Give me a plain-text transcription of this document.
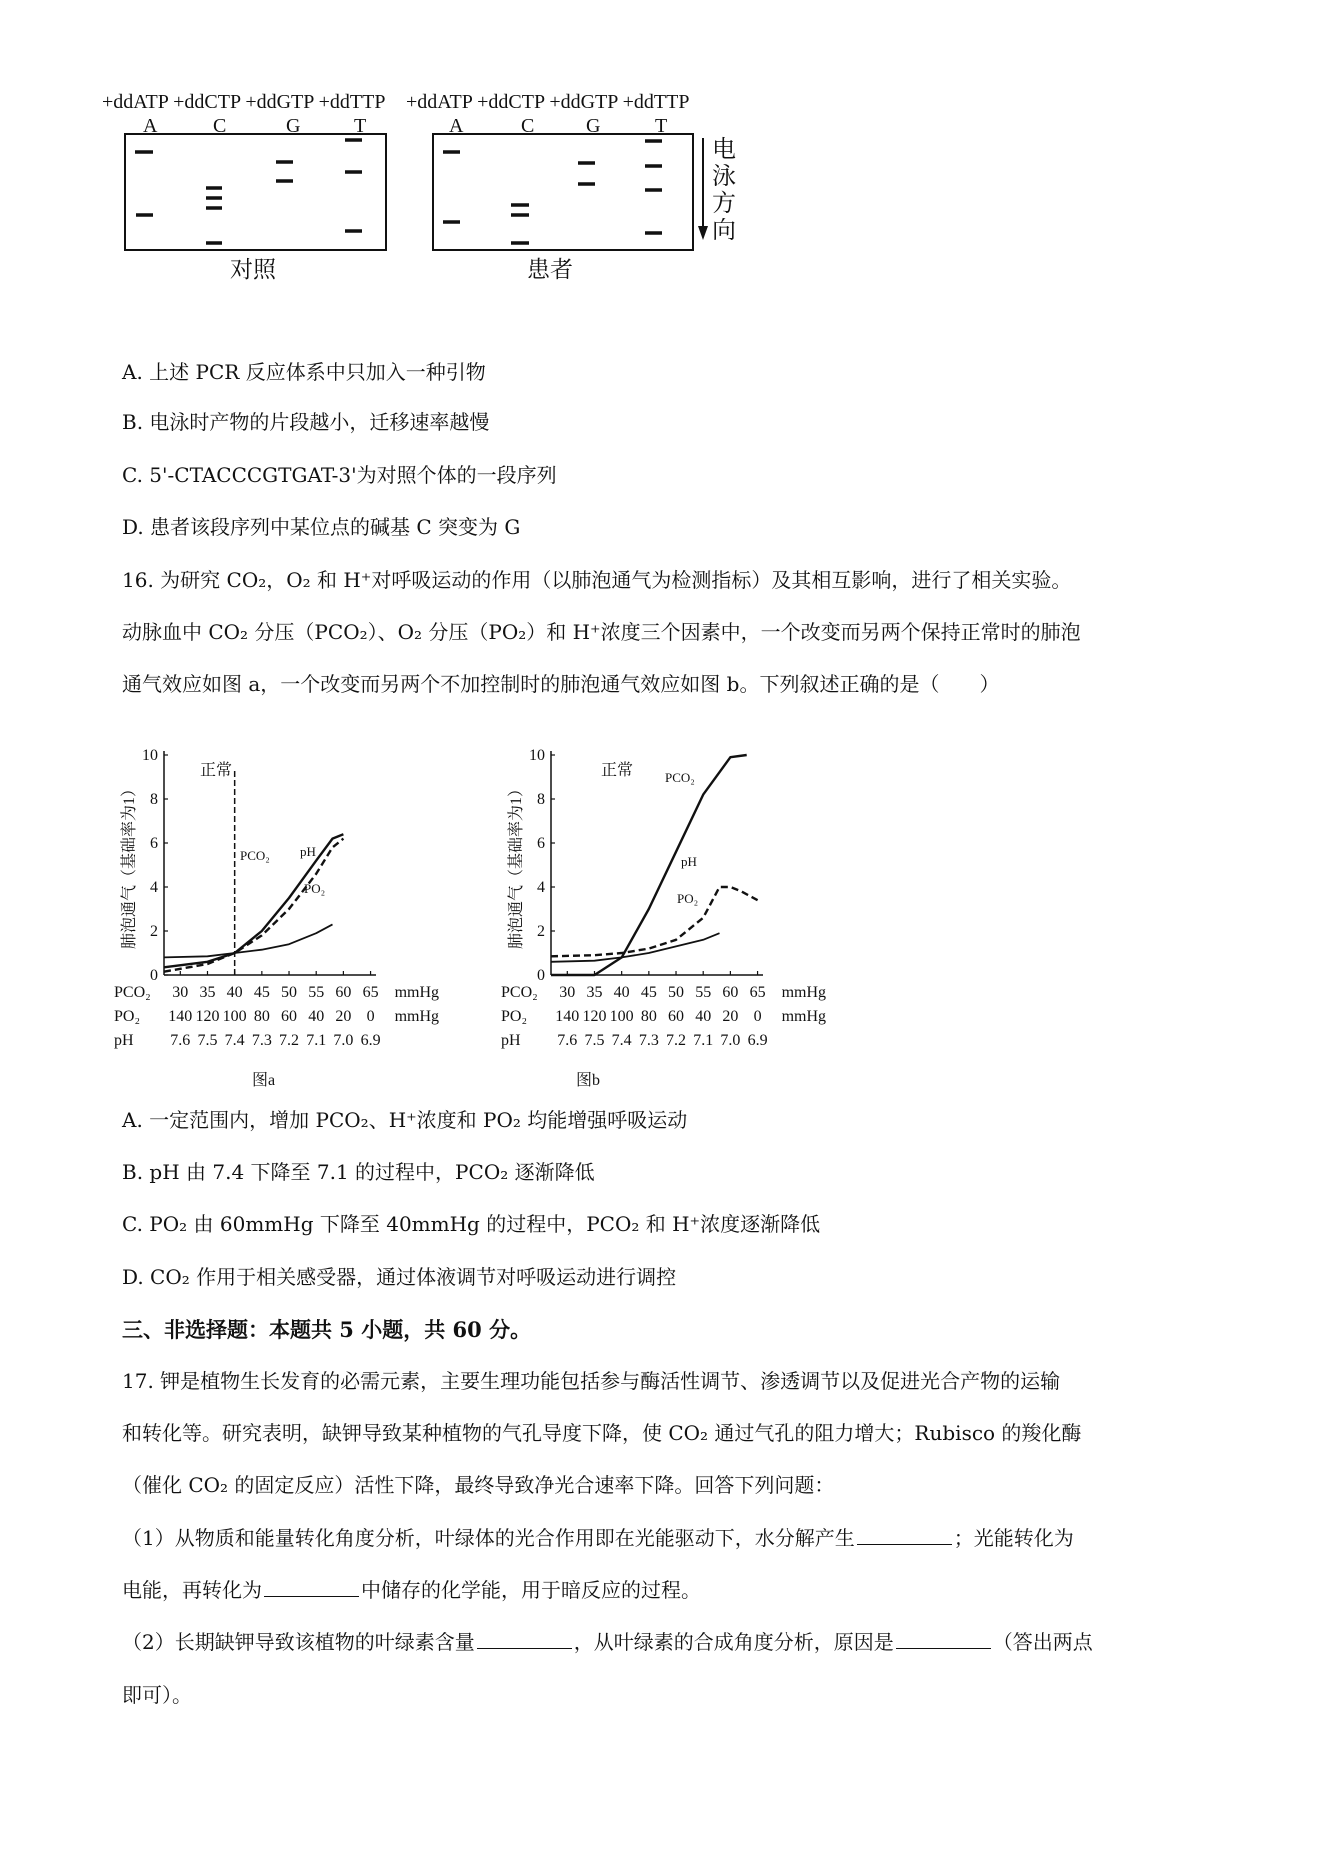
+ddATP +ddCTP +ddGTP +ddTTP +ddATP +ddCTP +ddGTP +ddTTP
A	C	G	T	A	C	G	T
对照	患者
电
泳
方
向
A. 上述 PCR 反应体系中只加入一种引物
B. 电泳时产物的片段越小，迁移速率越慢
C. 5'-CTACCCGTGAT-3'为对照个体的一段序列
D. 患者该段序列中某位点的碱基 C 突变为 G
16. 为研究 CO₂，O₂ 和 H⁺对呼吸运动的作用（以肺泡通气为检测指标）及其相互影响，进行了相关实验。
动脉血中 CO₂ 分压（PCO₂）、O₂ 分压（PO₂）和 H⁺浓度三个因素中，一个改变而另两个保持正常时的肺泡
通气效应如图 a，一个改变而另两个不加控制时的肺泡通气效应如图 b。下列叙述正确的是（　　）
0
2
4
6
8
10
肺泡通气（基础率为1）
PCO₂ 30 35 40 45 50 55 60 65 mmHg
PO₂ 140 120 100 80 60 40 20 0 mmHg
pH 7.6 7.5 7.4 7.3 7.2 7.1 7.0 6.9
正常
PCO₂ pH
PO₂
图a
0
2
4
6
8
10
肺泡通气（基础率为1）
PCO₂ 30 35 40 45 50 55 60 65 mmHg
PO₂ 140 120 100 80 60 40 20 0 mmHg
pH 7.6 7.5 7.4 7.3 7.2 7.1 7.0 6.9
正常 PCO₂
pH
PO₂
图b
A. 一定范围内，增加 PCO₂、H⁺浓度和 PO₂ 均能增强呼吸运动
B. pH 由 7.4 下降至 7.1 的过程中，PCO₂ 逐渐降低
C. PO₂ 由 60mmHg 下降至 40mmHg 的过程中，PCO₂ 和 H⁺浓度逐渐降低
D. CO₂ 作用于相关感受器，通过体液调节对呼吸运动进行调控
三、非选择题：本题共 5 小题，共 60 分。
17. 钾是植物生长发育的必需元素，主要生理功能包括参与酶活性调节、渗透调节以及促进光合产物的运输
和转化等。研究表明，缺钾导致某种植物的气孔导度下降，使 CO₂ 通过气孔的阻力增大；Rubisco 的羧化酶
（催化 CO₂ 的固定反应）活性下降，最终导致净光合速率下降。回答下列问题：
（1）从物质和能量转化角度分析，叶绿体的光合作用即在光能驱动下，水分解产生	；光能转化为
电能，再转化为	中储存的化学能，用于暗反应的过程。
（2）长期缺钾导致该植物的叶绿素含量	，从叶绿素的合成角度分析，原因是	（答出两点
即可）。
